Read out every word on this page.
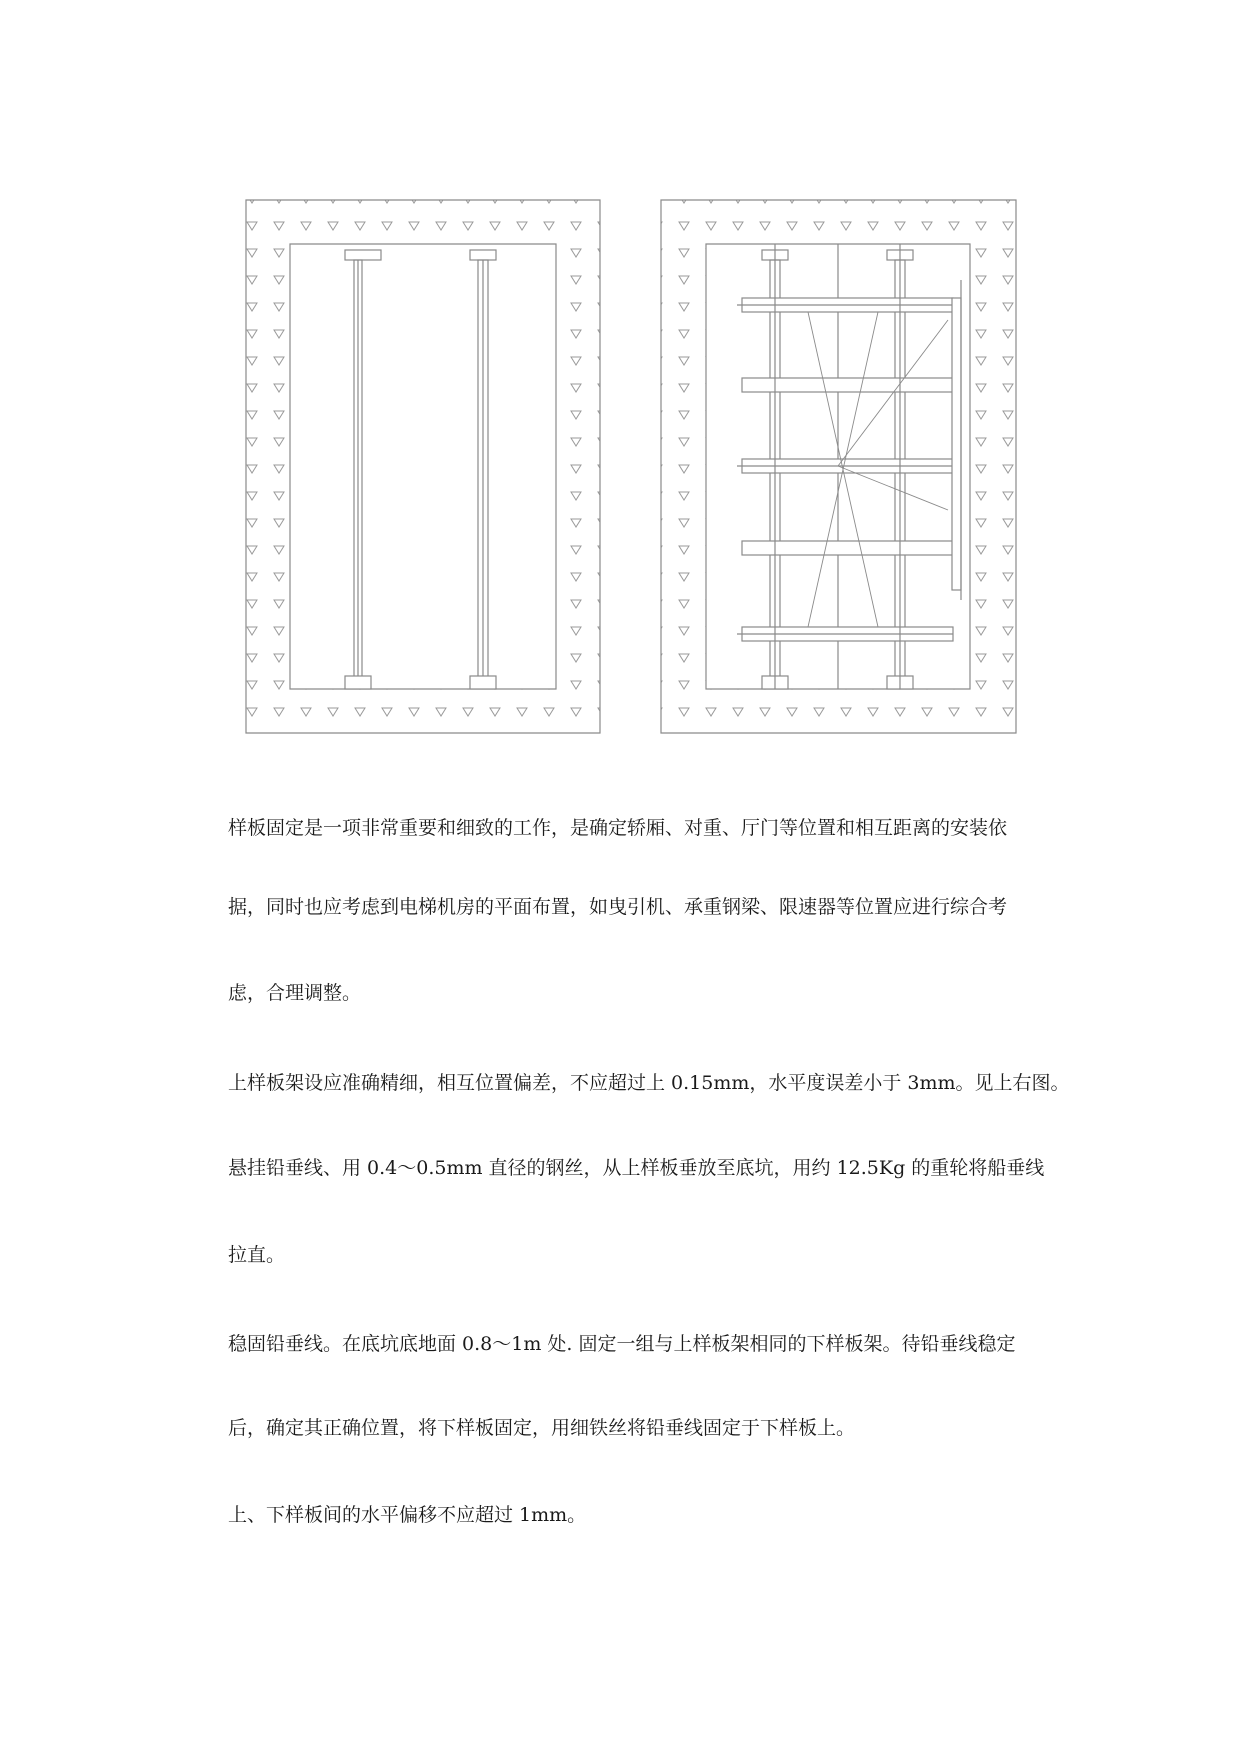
样板固定是一项非常重要和细致的工作，是确定轿厢、对重、厅门等位置和相互距离的安装依

据，同时也应考虑到电梯机房的平面布置，如曳引机、承重钢梁、限速器等位置应进行综合考

虑，合理调整。

上样板架设应准确精细，相互位置偏差，不应超过上 0.15mm，水平度误差小于 3mm。见上右图。

悬挂铅垂线、用 0.4～0.5mm 直径的钢丝，从上样板垂放至底坑，用约 12.5Kg 的重轮将船垂线

拉直。

稳固铅垂线。在底坑底地面 0.8～1m 处. 固定一组与上样板架相同的下样板架。待铅垂线稳定

后，确定其正确位置，将下样板固定，用细铁丝将铅垂线固定于下样板上。

上、下样板间的水平偏移不应超过 1mm。
